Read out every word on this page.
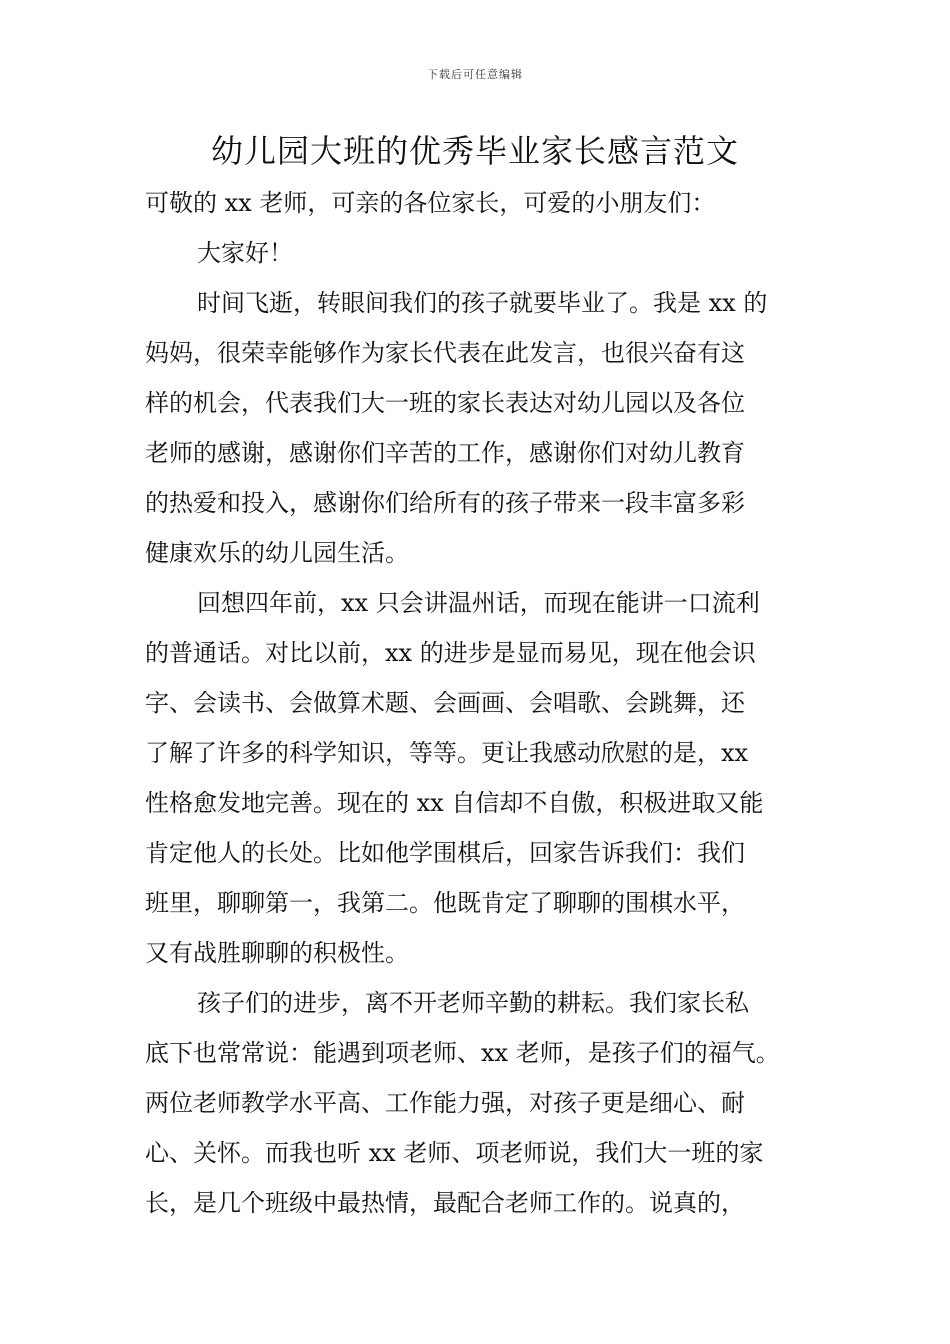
下载后可任意编辑
幼儿园大班的优秀毕业家长感言范文
可敬的 xx 老师，可亲的各位家长，可爱的小朋友们：
大家好！
时间飞逝，转眼间我们的孩子就要毕业了。我是 xx 的
妈妈，很荣幸能够作为家长代表在此发言，也很兴奋有这
样的机会，代表我们大一班的家长表达对幼儿园以及各位
老师的感谢，感谢你们辛苦的工作，感谢你们对幼儿教育
的热爱和投入，感谢你们给所有的孩子带来一段丰富多彩
健康欢乐的幼儿园生活。
回想四年前，xx 只会讲温州话，而现在能讲一口流利
的普通话。对比以前，xx 的进步是显而易见，现在他会识
字、会读书、会做算术题、会画画、会唱歌、会跳舞，还
了解了许多的科学知识，等等。更让我感动欣慰的是，xx
性格愈发地完善。现在的 xx 自信却不自傲，积极进取又能
肯定他人的长处。比如他学围棋后，回家告诉我们：我们
班里，聊聊第一，我第二。他既肯定了聊聊的围棋水平，
又有战胜聊聊的积极性。
孩子们的进步，离不开老师辛勤的耕耘。我们家长私
底下也常常说：能遇到项老师、xx 老师，是孩子们的福气。
两位老师教学水平高、工作能力强，对孩子更是细心、耐
心、关怀。而我也听 xx 老师、项老师说，我们大一班的家
长，是几个班级中最热情，最配合老师工作的。说真的，
